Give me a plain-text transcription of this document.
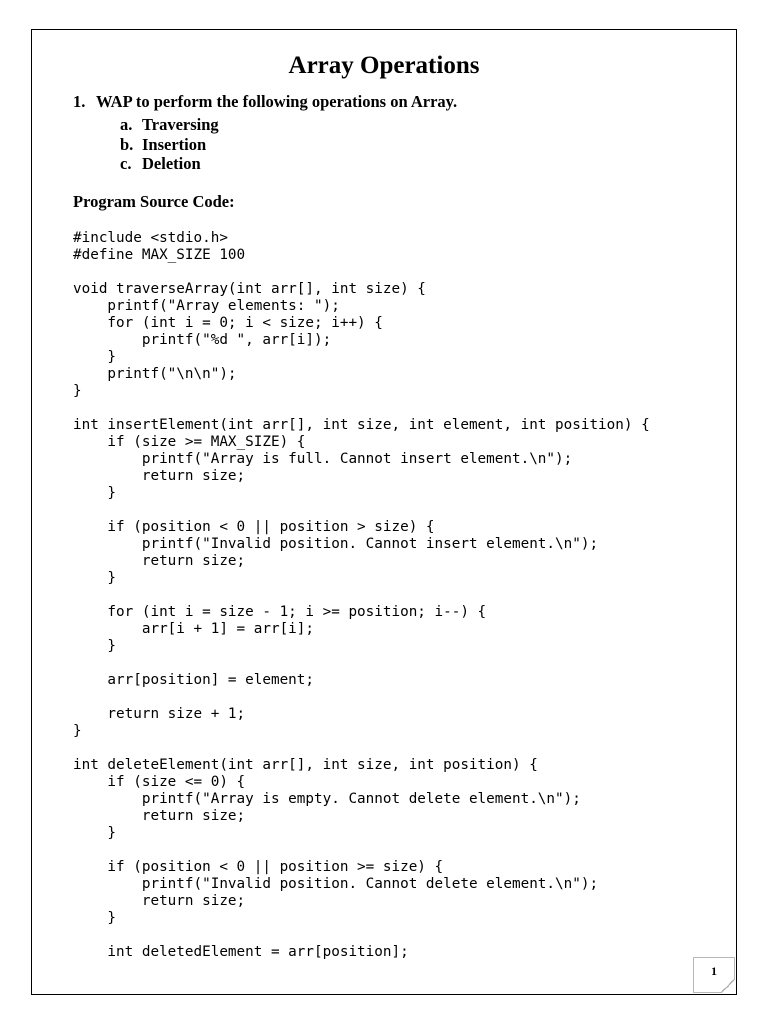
Array Operations

1. WAP to perform the following operations on Array.

a. Traversing
b. Insertion
c. Deletion

Program Source Code:

#include <stdio.h>
#define MAX_SIZE 100
void traverseArray(int arr[], int size) {
printf("Array elements: ");
for (int i = 0; i < size; i++) {
printf("%d ", arr[i]);
}
printf("\n\n");
}
int insertElement(int arr[], int size, int element, int position) {
if (size >= MAX_SIZE) {
printf("Array is full. Cannot insert element.\n");
return size;
}
if (position < 0 || position > size) {
printf("Invalid position. Cannot insert element.\n");
return size;
}
for (int i = size - 1; i >= position; i--) {
arr[i + 1] = arr[i];
}
arr[position] = element;
return size + 1;
}
int deleteElement(int arr[], int size, int position) {
if (size <= 0) {
printf("Array is empty. Cannot delete element.\n");
return size;
}
if (position < 0 || position >= size) {
printf("Invalid position. Cannot delete element.\n");
return size;
}
int deletedElement = arr[position];
1
